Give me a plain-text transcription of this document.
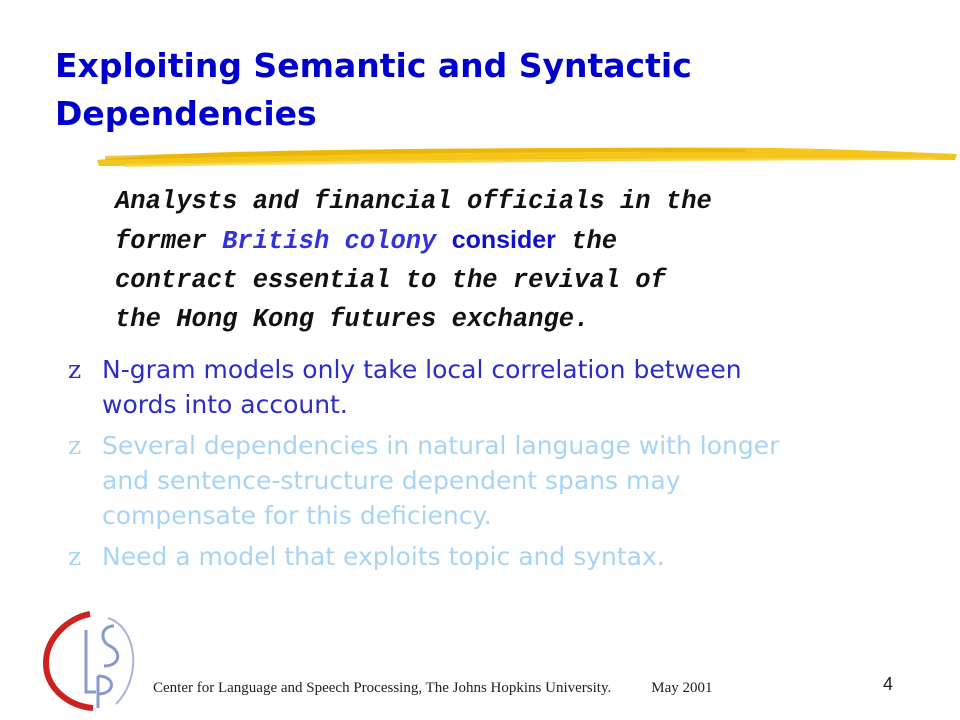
Exploiting Semantic and Syntactic
Dependencies
Analysts and financial officials in the
former British colony consider the
contract essential to the revival of
the Hong Kong futures exchange.
z N-gram models only take local correlation between
words into account.
z Several dependencies in natural language with longer
and sentence-structure dependent spans may
compensate for this deficiency.
z Need a model that exploits topic and syntax.
Center for Language and Speech Processing, The Johns Hopkins University.	May 2001	4
